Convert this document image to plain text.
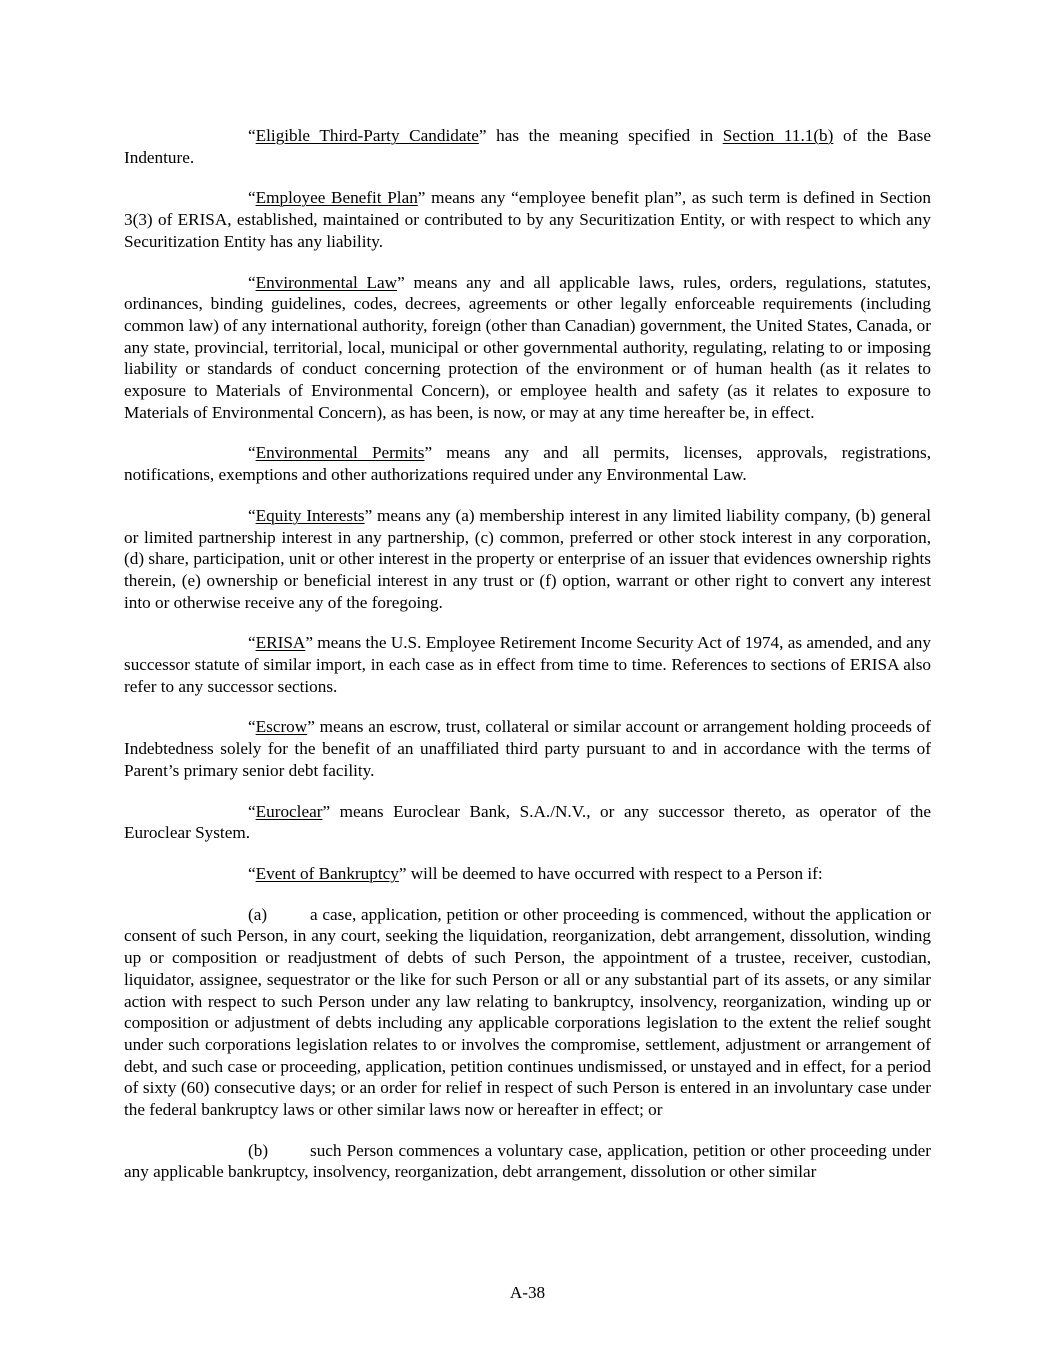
“Eligible Third-Party Candidate” has the meaning specified in Section 11.1(b) of the Base Indenture.

“Employee Benefit Plan” means any “employee benefit plan”, as such term is defined in Section 3(3) of ERISA, established, maintained or contributed to by any Securitization Entity, or with respect to which any Securitization Entity has any liability.

“Environmental Law” means any and all applicable laws, rules, orders, regulations, statutes, ordinances, binding guidelines, codes, decrees, agreements or other legally enforceable requirements (including common law) of any international authority, foreign (other than Canadian) government, the United States, Canada, or any state, provincial, territorial, local, municipal or other governmental authority, regulating, relating to or imposing liability or standards of conduct concerning protection of the environment or of human health (as it relates to exposure to Materials of Environmental Concern), or employee health and safety (as it relates to exposure to Materials of Environmental Concern), as has been, is now, or may at any time hereafter be, in effect.

“Environmental Permits” means any and all permits, licenses, approvals, registrations, notifications, exemptions and other authorizations required under any Environmental Law.

“Equity Interests” means any (a) membership interest in any limited liability company, (b) general or limited partnership interest in any partnership, (c) common, preferred or other stock interest in any corporation, (d) share, participation, unit or other interest in the property or enterprise of an issuer that evidences ownership rights therein, (e) ownership or beneficial interest in any trust or (f) option, warrant or other right to convert any interest into or otherwise receive any of the foregoing.

“ERISA” means the U.S. Employee Retirement Income Security Act of 1974, as amended, and any successor statute of similar import, in each case as in effect from time to time. References to sections of ERISA also refer to any successor sections.

“Escrow” means an escrow, trust, collateral or similar account or arrangement holding proceeds of Indebtedness solely for the benefit of an unaffiliated third party pursuant to and in accordance with the terms of Parent’s primary senior debt facility.

“Euroclear” means Euroclear Bank, S.A./N.V., or any successor thereto, as operator of the Euroclear System.

“Event of Bankruptcy” will be deemed to have occurred with respect to a Person if:

(a) a case, application, petition or other proceeding is commenced, without the application or consent of such Person, in any court, seeking the liquidation, reorganization, debt arrangement, dissolution, winding up or composition or readjustment of debts of such Person, the appointment of a trustee, receiver, custodian, liquidator, assignee, sequestrator or the like for such Person or all or any substantial part of its assets, or any similar action with respect to such Person under any law relating to bankruptcy, insolvency, reorganization, winding up or composition or adjustment of debts including any applicable corporations legislation to the extent the relief sought under such corporations legislation relates to or involves the compromise, settlement, adjustment or arrangement of debt, and such case or proceeding, application, petition continues undismissed, or unstayed and in effect, for a period of sixty (60) consecutive days; or an order for relief in respect of such Person is entered in an involuntary case under the federal bankruptcy laws or other similar laws now or hereafter in effect; or

(b) such Person commences a voluntary case, application, petition or other proceeding under any applicable bankruptcy, insolvency, reorganization, debt arrangement, dissolution or other similar

A-38
